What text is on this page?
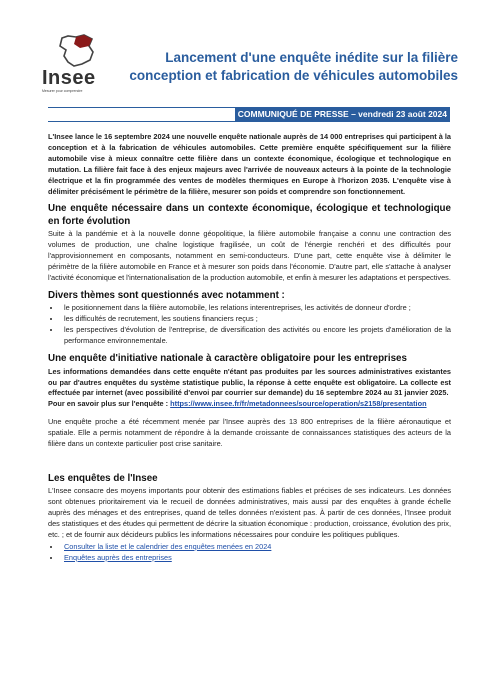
Insee
Mesurer pour comprendre
Lancement d'une enquête inédite sur la filière
conception et fabrication de véhicules automobiles
COMMUNIQUÉ DE PRESSE – vendredi 23 août 2024

L'Insee lance le 16 septembre 2024 une nouvelle enquête nationale auprès de 14 000 entreprises qui participent à la conception et à la fabrication de véhicules automobiles. Cette première enquête spécifiquement sur la filière automobile vise à mieux connaître cette filière dans un contexte économique, écologique et technologique en mutation. La filière fait face à des enjeux majeurs avec l'arrivée de nouveaux acteurs à la pointe de la technologie électrique et la fin programmée des ventes de modèles thermiques en Europe à l'horizon 2035. L'enquête vise à délimiter précisément le périmètre de la filière, mesurer son poids et comprendre son fonctionnement.

Une enquête nécessaire dans un contexte économique, écologique et technologique en forte évolution

Suite à la pandémie et à la nouvelle donne géopolitique, la filière automobile française a connu une contraction des volumes de production, une chaîne logistique fragilisée, un coût de l'énergie renchéri et des difficultés pour l'approvisionnement en composants, notamment en semi-conducteurs. D'une part, cette enquête vise à délimiter le périmètre de la filière automobile en France et à mesurer son poids dans l'économie. D'autre part, elle s'attache à analyser l'activité économique et l'internationalisation de la production automobile, et enfin à mesurer les adaptations et perspectives.

Divers thèmes sont questionnés avec notamment :
• le positionnement dans la filière automobile, les relations interentreprises, les activités de donneur d'ordre ;
• les difficultés de recrutement, les soutiens financiers reçus ;
• les perspectives d'évolution de l'entreprise, de diversification des activités ou encore les projets d'amélioration de la performance environnementale.
Une enquête d'initiative nationale à caractère obligatoire pour les entreprises

Les informations demandées dans cette enquête n'étant pas produites par les sources administratives existantes ou par d'autres enquêtes du système statistique public, la réponse à cette enquête est obligatoire. La collecte est effectuée par internet (avec possibilité d'envoi par courrier sur demande) du 16 septembre 2024 au 31 janvier 2025.
Pour en savoir plus sur l'enquête : https://www.insee.fr/fr/metadonnees/source/operation/s2158/presentation

Une enquête proche a été récemment menée par l'Insee auprès des 13 800 entreprises de la filière aéronautique et spatiale. Elle a permis notamment de répondre à la demande croissante de connaissances statistiques des acteurs de la filière dans un contexte particulier post crise sanitaire.

Les enquêtes de l'Insee

L'Insee consacre des moyens importants pour obtenir des estimations fiables et précises de ses indicateurs. Les données sont obtenues prioritairement via le recueil de données administratives, mais aussi par des enquêtes à grande échelle auprès des ménages et des entreprises, quand de telles données n'existent pas. À partir de ces données, l'Insee produit des statistiques et des études qui permettent de décrire la situation économique : production, croissance, évolution des prix, etc. ; et de fournir aux décideurs publics les informations nécessaires pour conduire les politiques publiques.

• Consulter la liste et le calendrier des enquêtes menées en 2024
• Enquêtes auprès des entreprises
